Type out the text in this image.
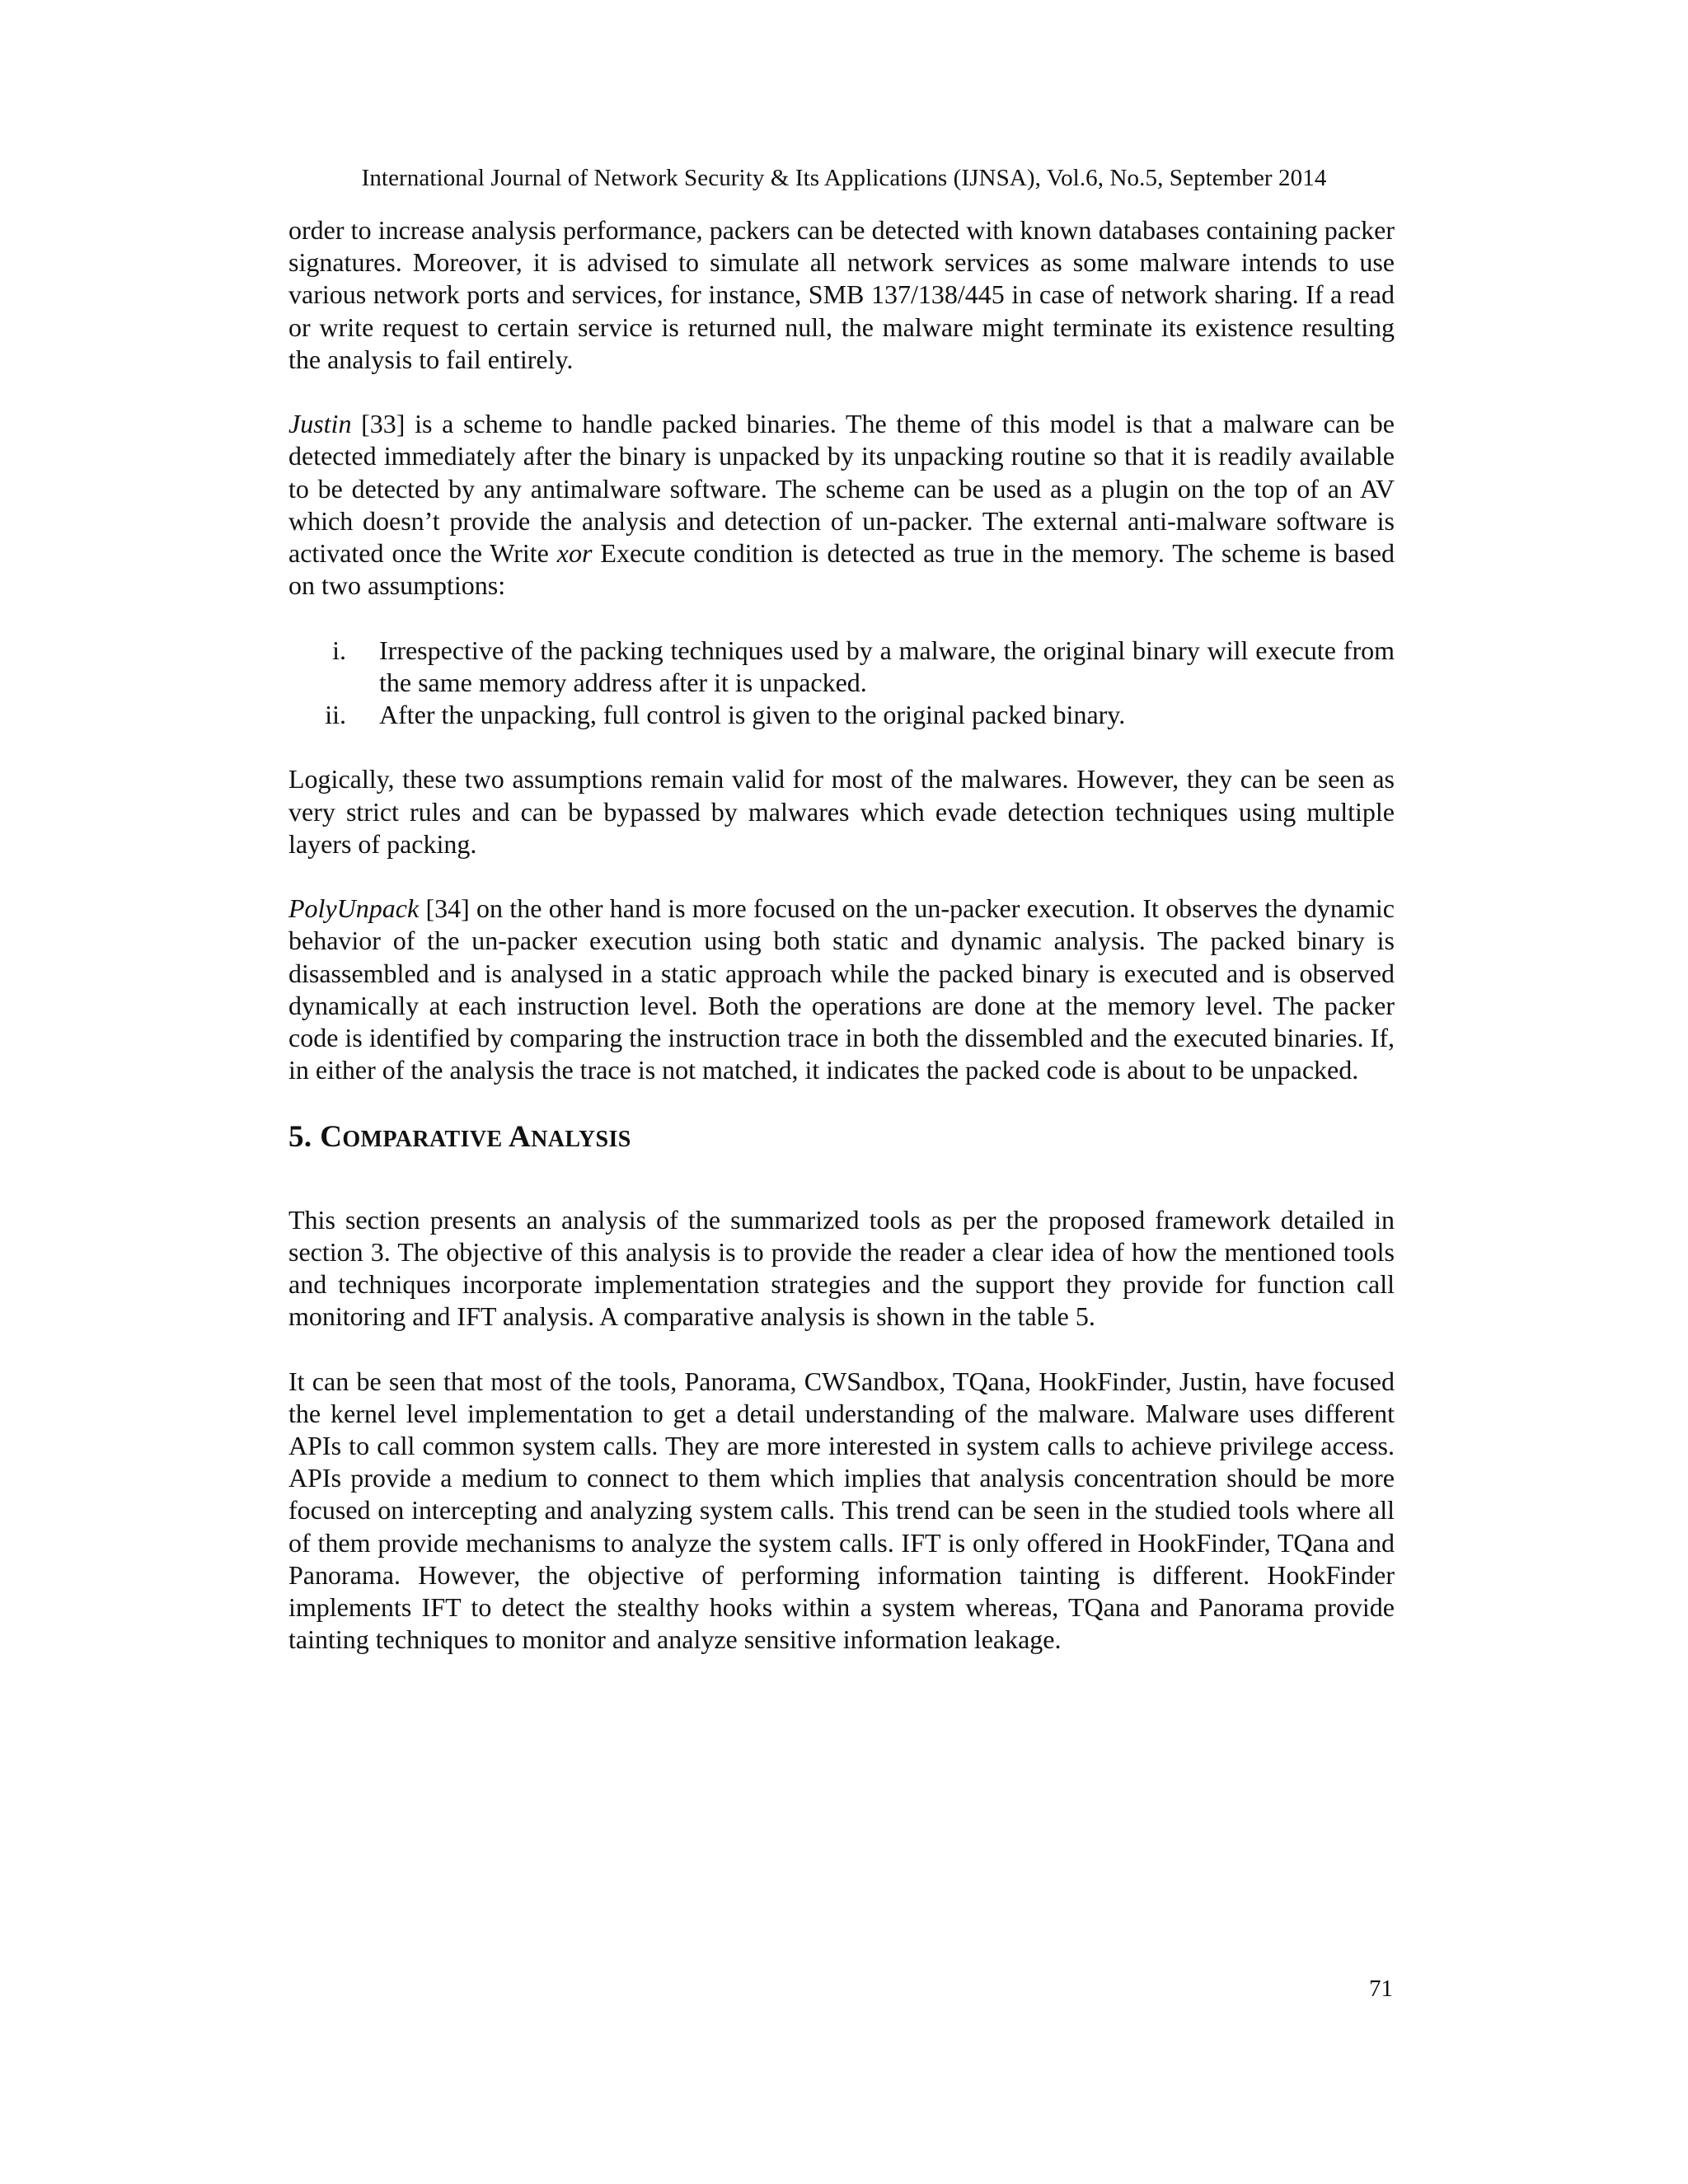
International Journal of Network Security & Its Applications (IJNSA), Vol.6, No.5, September 2014

order to increase analysis performance, packers can be detected with known databases containing packer signatures. Moreover, it is advised to simulate all network services as some malware intends to use various network ports and services, for instance, SMB 137/138/445 in case of network sharing. If a read or write request to certain service is returned null, the malware might terminate its existence resulting the analysis to fail entirely.

Justin [33] is a scheme to handle packed binaries. The theme of this model is that a malware can be detected immediately after the binary is unpacked by its unpacking routine so that it is readily available to be detected by any antimalware software. The scheme can be used as a plugin on the top of an AV which doesn’t provide the analysis and detection of un-packer. The external anti-malware software is activated once the Write xor Execute condition is detected as true in the memory. The scheme is based on two assumptions:

i. Irrespective of the packing techniques used by a malware, the original binary will execute from the same memory address after it is unpacked.
ii. After the unpacking, full control is given to the original packed binary.

Logically, these two assumptions remain valid for most of the malwares. However, they can be seen as very strict rules and can be bypassed by malwares which evade detection techniques using multiple layers of packing.

PolyUnpack [34] on the other hand is more focused on the un-packer execution. It observes the dynamic behavior of the un-packer execution using both static and dynamic analysis. The packed binary is disassembled and is analysed in a static approach while the packed binary is executed and is observed dynamically at each instruction level. Both the operations are done at the memory level. The packer code is identified by comparing the instruction trace in both the dissembled and the executed binaries. If, in either of the analysis the trace is not matched, it indicates the packed code is about to be unpacked.

5. COMPARATIVE ANALYSIS

This section presents an analysis of the summarized tools as per the proposed framework detailed in section 3. The objective of this analysis is to provide the reader a clear idea of how the mentioned tools and techniques incorporate implementation strategies and the support they provide for function call monitoring and IFT analysis. A comparative analysis is shown in the table 5.

It can be seen that most of the tools, Panorama, CWSandbox, TQana, HookFinder, Justin, have focused the kernel level implementation to get a detail understanding of the malware. Malware uses different APIs to call common system calls. They are more interested in system calls to achieve privilege access. APIs provide a medium to connect to them which implies that analysis concentration should be more focused on intercepting and analyzing system calls. This trend can be seen in the studied tools where all of them provide mechanisms to analyze the system calls. IFT is only offered in HookFinder, TQana and Panorama. However, the objective of performing information tainting is different. HookFinder implements IFT to detect the stealthy hooks within a system whereas, TQana and Panorama provide tainting techniques to monitor and analyze sensitive information leakage.

71
